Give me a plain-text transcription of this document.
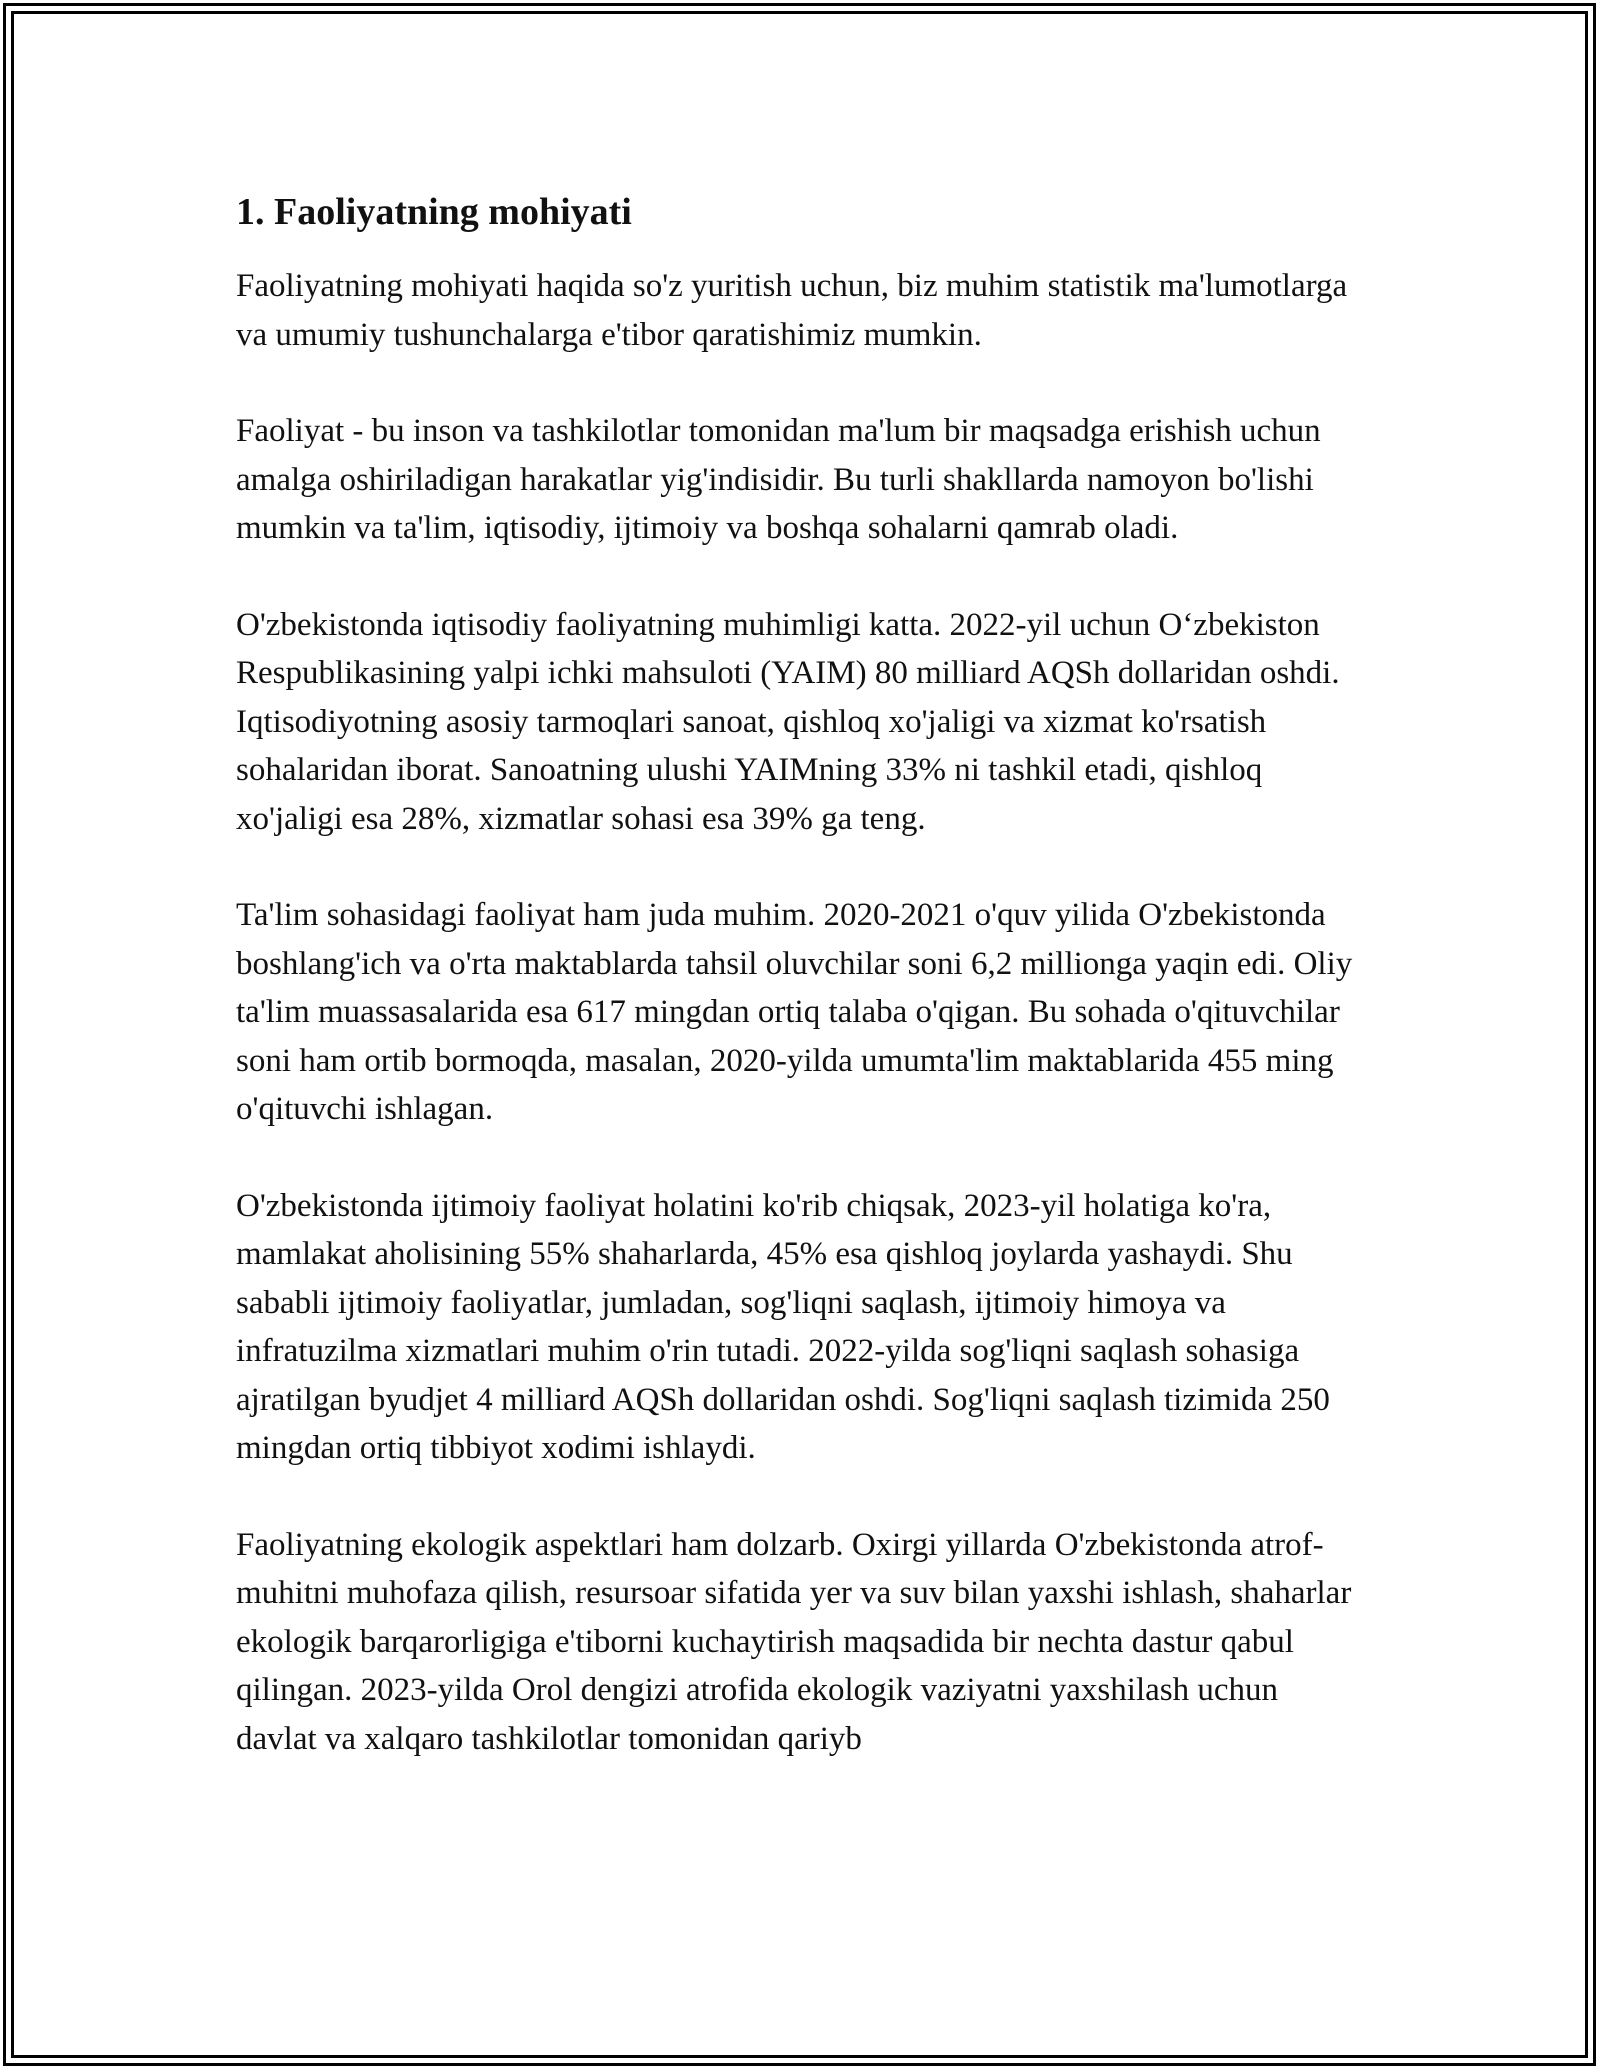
1. Faoliyatning mohiyati

Faoliyatning mohiyati haqida so'z yuritish uchun, biz muhim statistik ma'lumotlarga va umumiy tushunchalarga e'tibor qaratishimiz mumkin.

Faoliyat - bu inson va tashkilotlar tomonidan ma'lum bir maqsadga erishish uchun amalga oshiriladigan harakatlar yig'indisidir. Bu turli shakllarda namoyon bo'lishi mumkin va ta'lim, iqtisodiy, ijtimoiy va boshqa sohalarni qamrab oladi.

O'zbekistonda iqtisodiy faoliyatning muhimligi katta. 2022-yil uchun O‘zbekiston Respublikasining yalpi ichki mahsuloti (YAIM) 80 milliard AQSh dollaridan oshdi. Iqtisodiyotning asosiy tarmoqlari sanoat, qishloq xo'jaligi va xizmat ko'rsatish sohalaridan iborat. Sanoatning ulushi YAIMning 33% ni tashkil etadi, qishloq xo'jaligi esa 28%, xizmatlar sohasi esa 39% ga teng.

Ta'lim sohasidagi faoliyat ham juda muhim. 2020-2021 o'quv yilida O'zbekistonda boshlang'ich va o'rta maktablarda tahsil oluvchilar soni 6,2 millionga yaqin edi. Oliy ta'lim muassasalarida esa 617 mingdan ortiq talaba o'qigan. Bu sohada o'qituvchilar soni ham ortib bormoqda, masalan, 2020-yilda umumta'lim maktablarida 455 ming o'qituvchi ishlagan.

O'zbekistonda ijtimoiy faoliyat holatini ko'rib chiqsak, 2023-yil holatiga ko'ra, mamlakat aholisining 55% shaharlarda, 45% esa qishloq joylarda yashaydi. Shu sababli ijtimoiy faoliyatlar, jumladan, sog'liqni saqlash, ijtimoiy himoya va infratuzilma xizmatlari muhim o'rin tutadi. 2022-yilda sog'liqni saqlash sohasiga ajratilgan byudjet 4 milliard AQSh dollaridan oshdi. Sog'liqni saqlash tizimida 250 mingdan ortiq tibbiyot xodimi ishlaydi.

Faoliyatning ekologik aspektlari ham dolzarb. Oxirgi yillarda O'zbekistonda atrof-muhitni muhofaza qilish, resursoar sifatida yer va suv bilan yaxshi ishlash, shaharlar ekologik barqarorligiga e'tiborni kuchaytirish maqsadida bir nechta dastur qabul qilingan. 2023-yilda Orol dengizi atrofida ekologik vaziyatni yaxshilash uchun davlat va xalqaro tashkilotlar tomonidan qariyb
